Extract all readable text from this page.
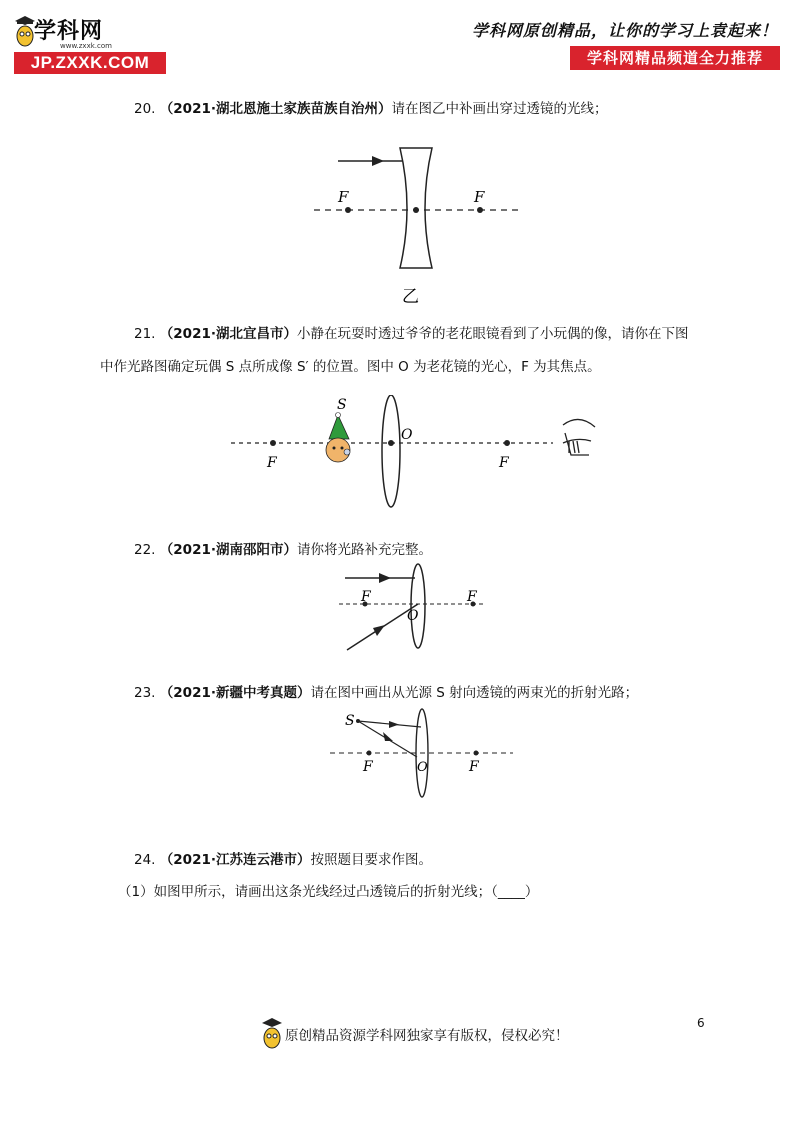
学科网
www.zxxk.com
JP.ZXXK.COM
学科网原创精品，让你的学习上袁起来！
学科网精品频道全力推荐
20. （2021·湖北恩施土家族苗族自治州）请在图乙中补画出穿过透镜的光线；
F	F
乙
21. （2021·湖北宜昌市）小静在玩耍时透过爷爷的老花眼镜看到了小玩偶的像，请你在下图
中作光路图确定玩偶 S 点所成像 S′ 的位置。图中 O 为老花镜的光心，F 为其焦点。
F
O
F
S
22. （2021·湖南邵阳市）请你将光路补充完整。
F	F
O
23. （2021·新疆中考真题）请在图中画出从光源 S 射向透镜的两束光的折射光路；
S
F	O	F
24. （2021·江苏连云港市）按照题目要求作图。
（1）如图甲所示，请画出这条光线经过凸透镜后的折射光线；（____）
原创精品资源学科网独家享有版权，侵权必究！
6
